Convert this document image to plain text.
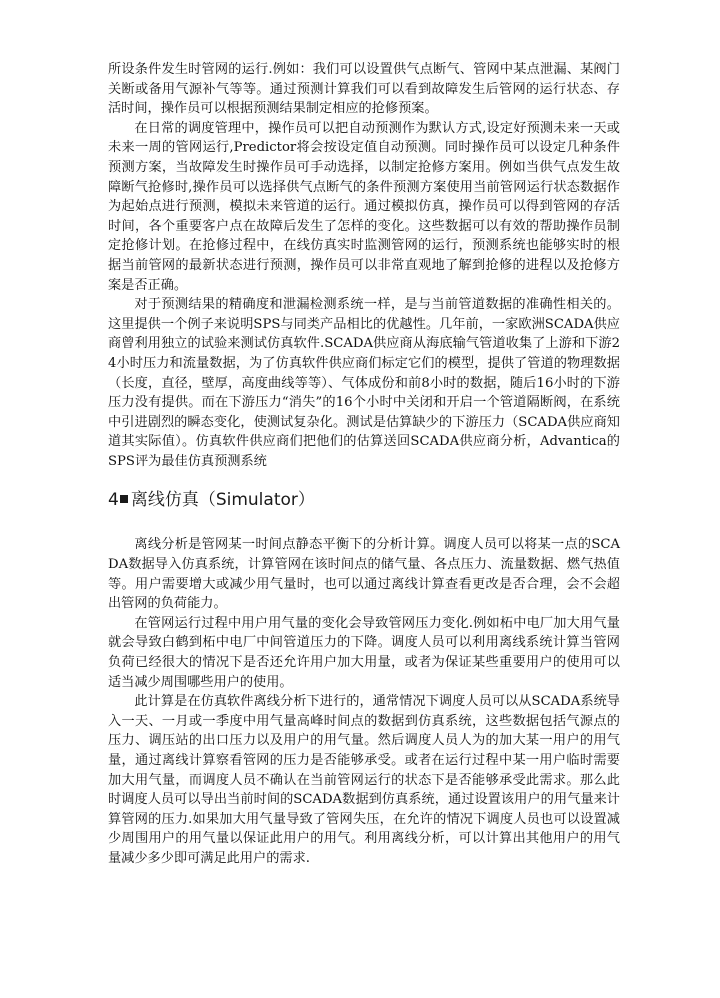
所设条件发生时管网的运行.例如：我们可以设置供气点断气、管网中某点泄漏、某阀门关断或备用气源补气等等。通过预测计算我们可以看到故障发生后管网的运行状态、存活时间，操作员可以根据预测结果制定相应的抢修预案。

在日常的调度管理中，操作员可以把自动预测作为默认方式,设定好预测未来一天或未来一周的管网运行,Predictor将会按设定值自动预测。同时操作员可以设定几种条件预测方案，当故障发生时操作员可手动选择，以制定抢修方案用。例如当供气点发生故障断气抢修时,操作员可以选择供气点断气的条件预测方案使用当前管网运行状态数据作为起始点进行预测，模拟未来管道的运行。通过模拟仿真，操作员可以得到管网的存活时间，各个重要客户点在故障后发生了怎样的变化。这些数据可以有效的帮助操作员制定抢修计划。在抢修过程中，在线仿真实时监测管网的运行，预测系统也能够实时的根据当前管网的最新状态进行预测，操作员可以非常直观地了解到抢修的进程以及抢修方案是否正确。

对于预测结果的精确度和泄漏检测系统一样，是与当前管道数据的准确性相关的。这里提供一个例子来说明SPS与同类产品相比的优越性。几年前，一家欧洲SCADA供应商曾利用独立的试验来测试仿真软件.SCADA供应商从海底输气管道收集了上游和下游24小时压力和流量数据，为了仿真软件供应商们标定它们的模型，提供了管道的物理数据（长度，直径，壁厚，高度曲线等等）、气体成份和前8小时的数据，随后16小时的下游压力没有提供。而在下游压力“消失”的16个小时中关闭和开启一个管道隔断阀，在系统中引进剧烈的瞬态变化，使测试复杂化。测试是估算缺少的下游压力（SCADA供应商知道其实际值）。仿真软件供应商们把他们的估算送回SCADA供应商分析，Advantica的SPS评为最佳仿真预测系统

4 离线仿真（Simulator）

离线分析是管网某一时间点静态平衡下的分析计算。调度人员可以将某一点的SCADA数据导入仿真系统，计算管网在该时间点的储气量、各点压力、流量数据、燃气热值等。用户需要增大或减少用气量时，也可以通过离线计算查看更改是否合理，会不会超出管网的负荷能力。

在管网运行过程中用户用气量的变化会导致管网压力变化.例如柘中电厂加大用气量就会导致白鹤到柘中电厂中间管道压力的下降。调度人员可以利用离线系统计算当管网负荷已经很大的情况下是否还允许用户加大用量，或者为保证某些重要用户的使用可以适当减少周围哪些用户的使用。

此计算是在仿真软件离线分析下进行的，通常情况下调度人员可以从SCADA系统导入一天、一月或一季度中用气量高峰时间点的数据到仿真系统，这些数据包括气源点的压力、调压站的出口压力以及用户的用气量。然后调度人员人为的加大某一用户的用气量，通过离线计算察看管网的压力是否能够承受。或者在运行过程中某一用户临时需要加大用气量，而调度人员不确认在当前管网运行的状态下是否能够承受此需求。那么此时调度人员可以导出当前时间的SCADA数据到仿真系统，通过设置该用户的用气量来计算管网的压力.如果加大用气量导致了管网失压，在允许的情况下调度人员也可以设置减少周围用户的用气量以保证此用户的用气。利用离线分析，可以计算出其他用户的用气量减少多少即可满足此用户的需求.
